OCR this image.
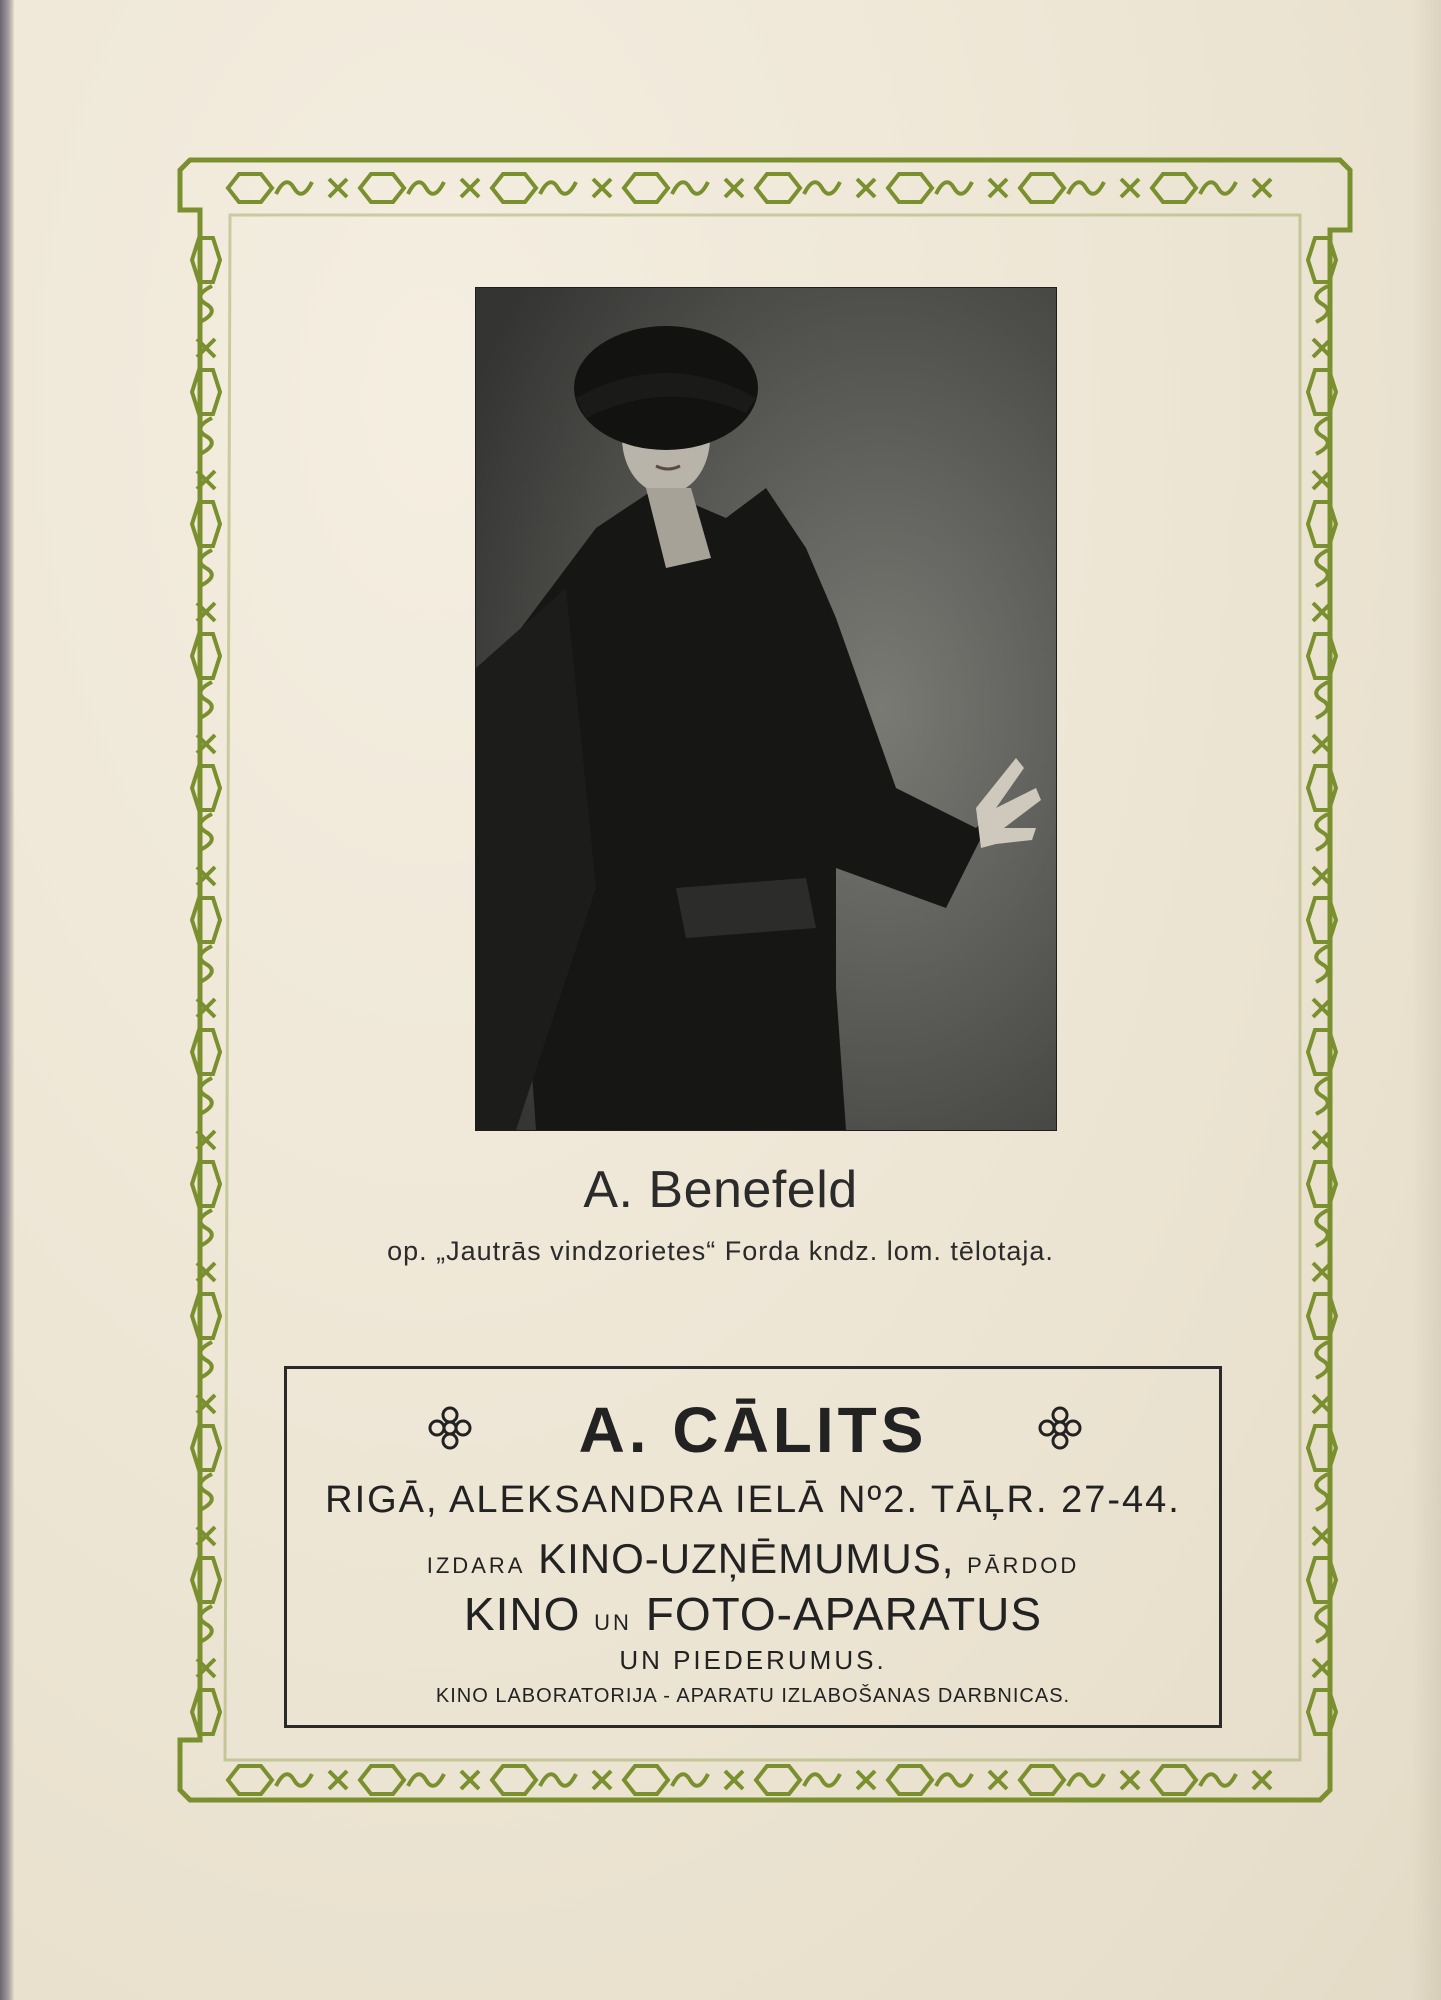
A. Benefeld
op. „Jautrās vindzorietes“ Forda kndz. lom. tēlotaja.
A. CĀLITS
RIGĀ, ALEKSANDRA IELĀ Nº2. TĀĻR. 27-44.
IZDARA KINO-UZŅĒMUMUS, PĀRDOD
KINO UN FOTO-APARATUS
UN PIEDERUMUS.
KINO LABORATORIJA - APARATU IZLABOŠANAS DARBNICAS.
